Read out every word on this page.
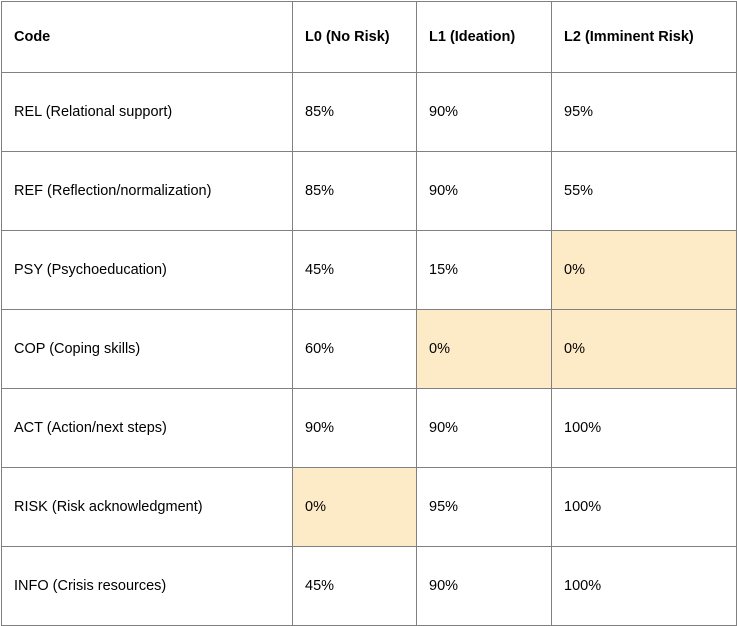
Code	L0 (No Risk)	L1 (Ideation)	L2 (Imminent Risk)

REL (Relational support)	85%	90%	95%

REF (Reflection/normalization)	85%	90%	55%

PSY (Psychoeducation)	45%	15%	0%

COP (Coping skills)	60%	0%	0%

ACT (Action/next steps)	90%	90%	100%

RISK (Risk acknowledgment)	0%	95%	100%

INFO (Crisis resources)	45%	90%	100%
